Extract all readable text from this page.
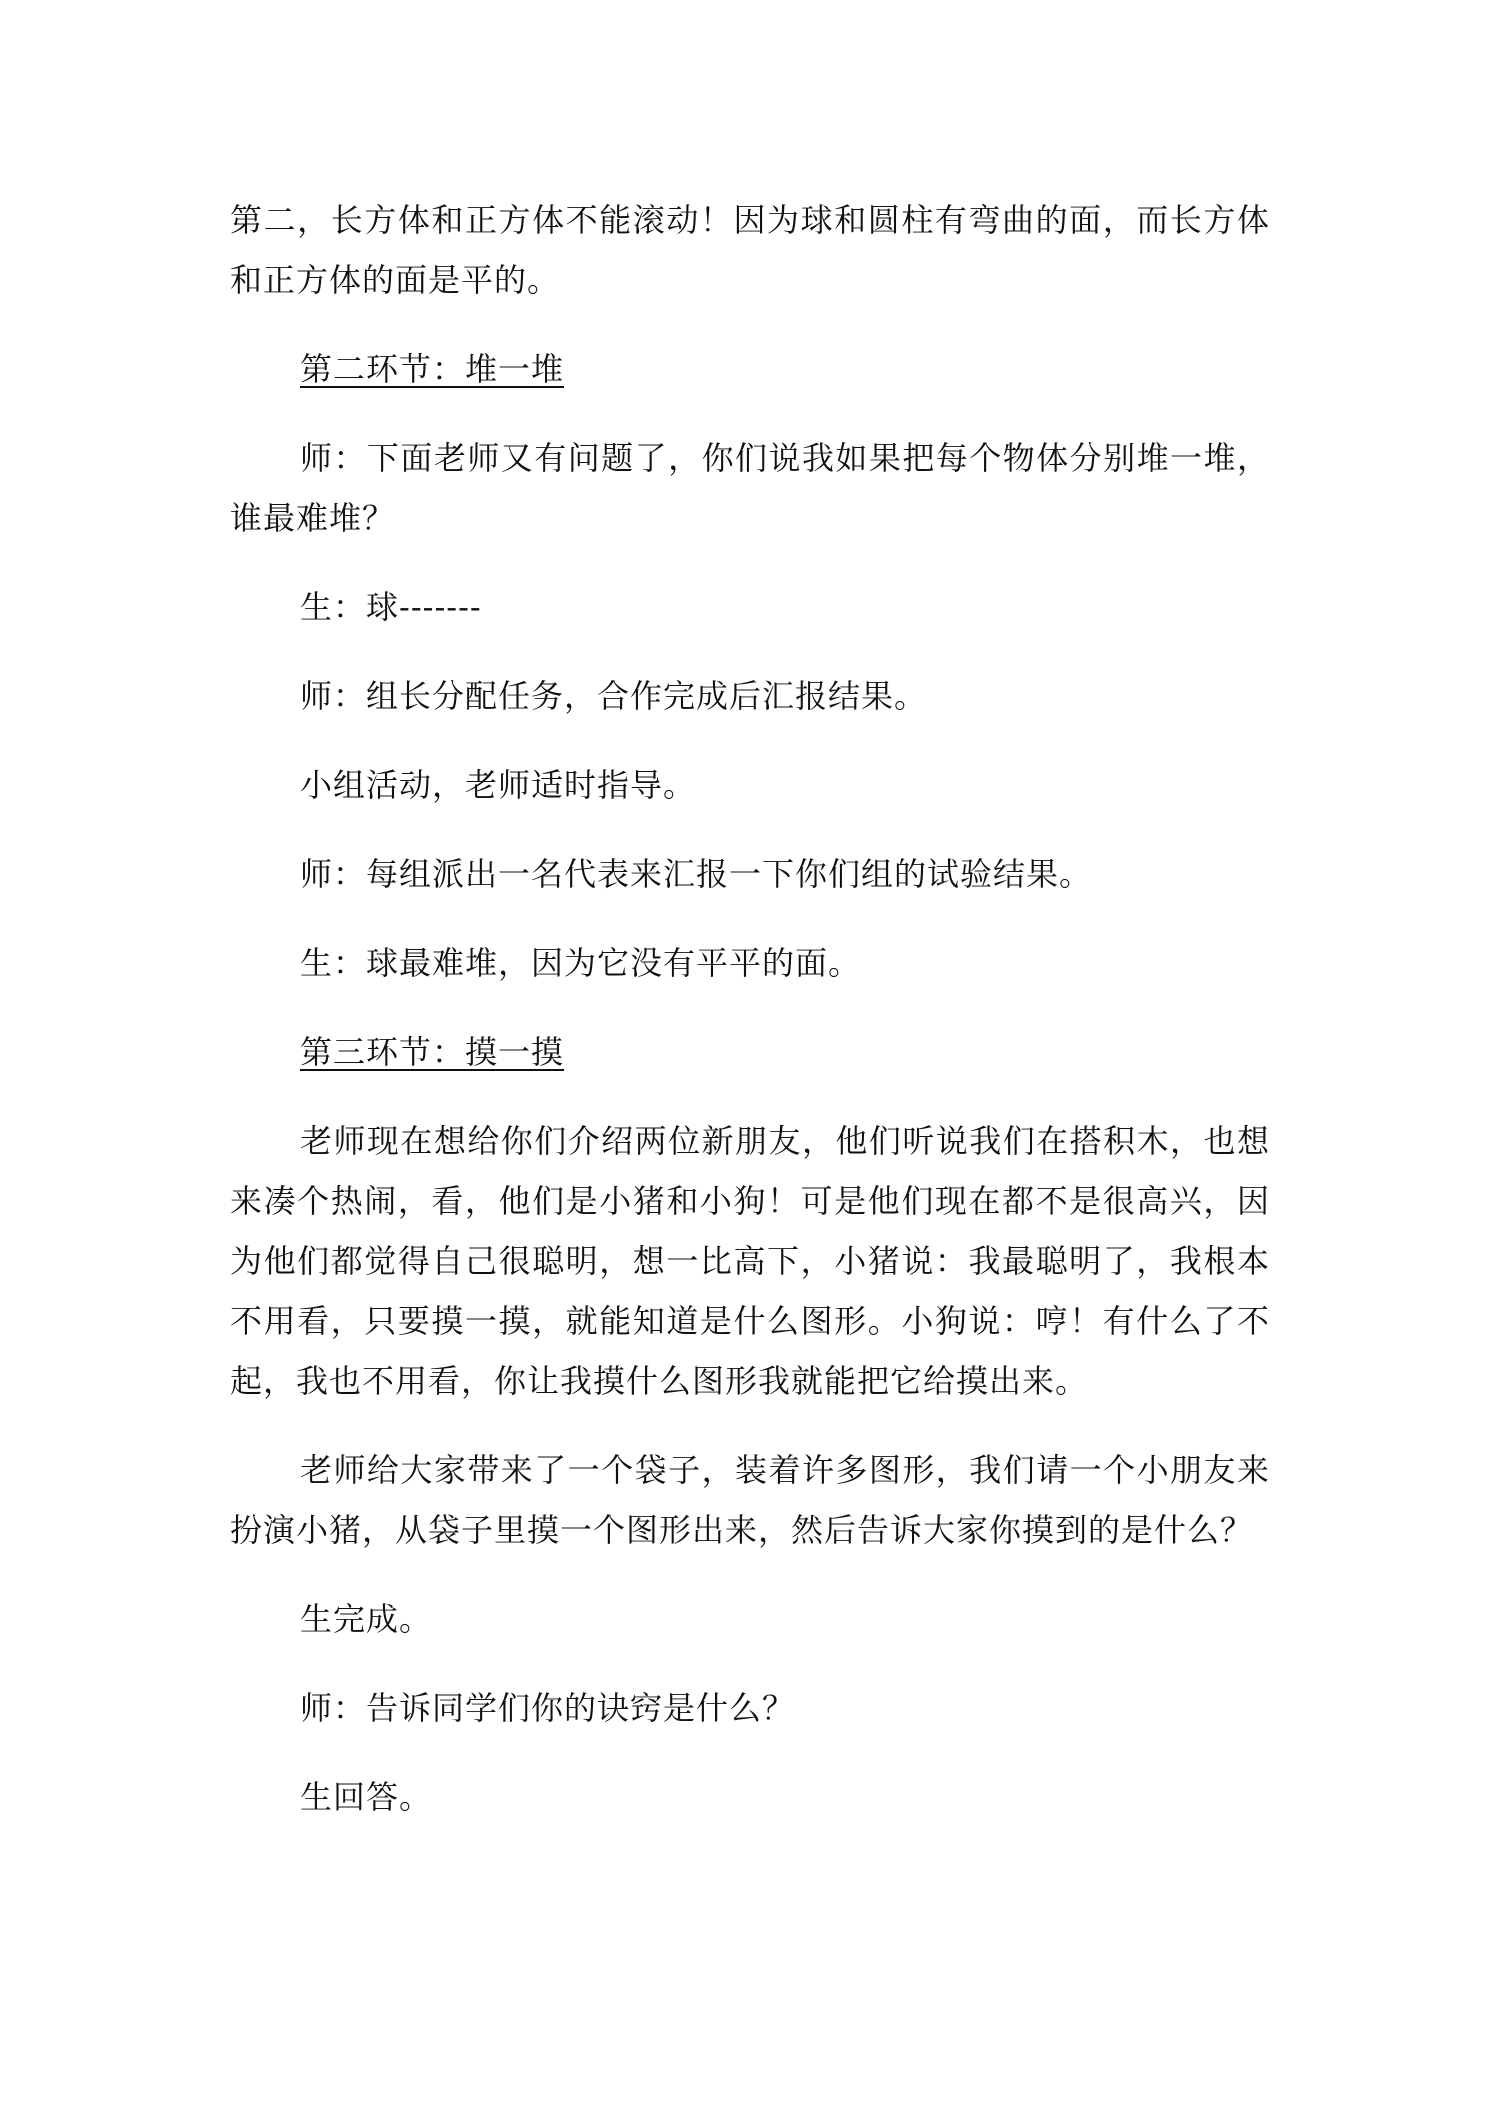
第二，长方体和正方体不能滚动！因为球和圆柱有弯曲的面，而长方体和正方体的面是平的。

第二环节：堆一堆

师：下面老师又有问题了，你们说我如果把每个物体分别堆一堆，谁最难堆？

生：球-------

师：组长分配任务，合作完成后汇报结果。

小组活动，老师适时指导。

师：每组派出一名代表来汇报一下你们组的试验结果。

生：球最难堆，因为它没有平平的面。

第三环节：摸一摸

老师现在想给你们介绍两位新朋友，他们听说我们在搭积木，也想来凑个热闹，看，他们是小猪和小狗！可是他们现在都不是很高兴，因为他们都觉得自己很聪明，想一比高下，小猪说：我最聪明了，我根本不用看，只要摸一摸，就能知道是什么图形。小狗说：哼！有什么了不起，我也不用看，你让我摸什么图形我就能把它给摸出来。

老师给大家带来了一个袋子，装着许多图形，我们请一个小朋友来扮演小猪，从袋子里摸一个图形出来，然后告诉大家你摸到的是什么？

生完成。

师：告诉同学们你的诀窍是什么？

生回答。
